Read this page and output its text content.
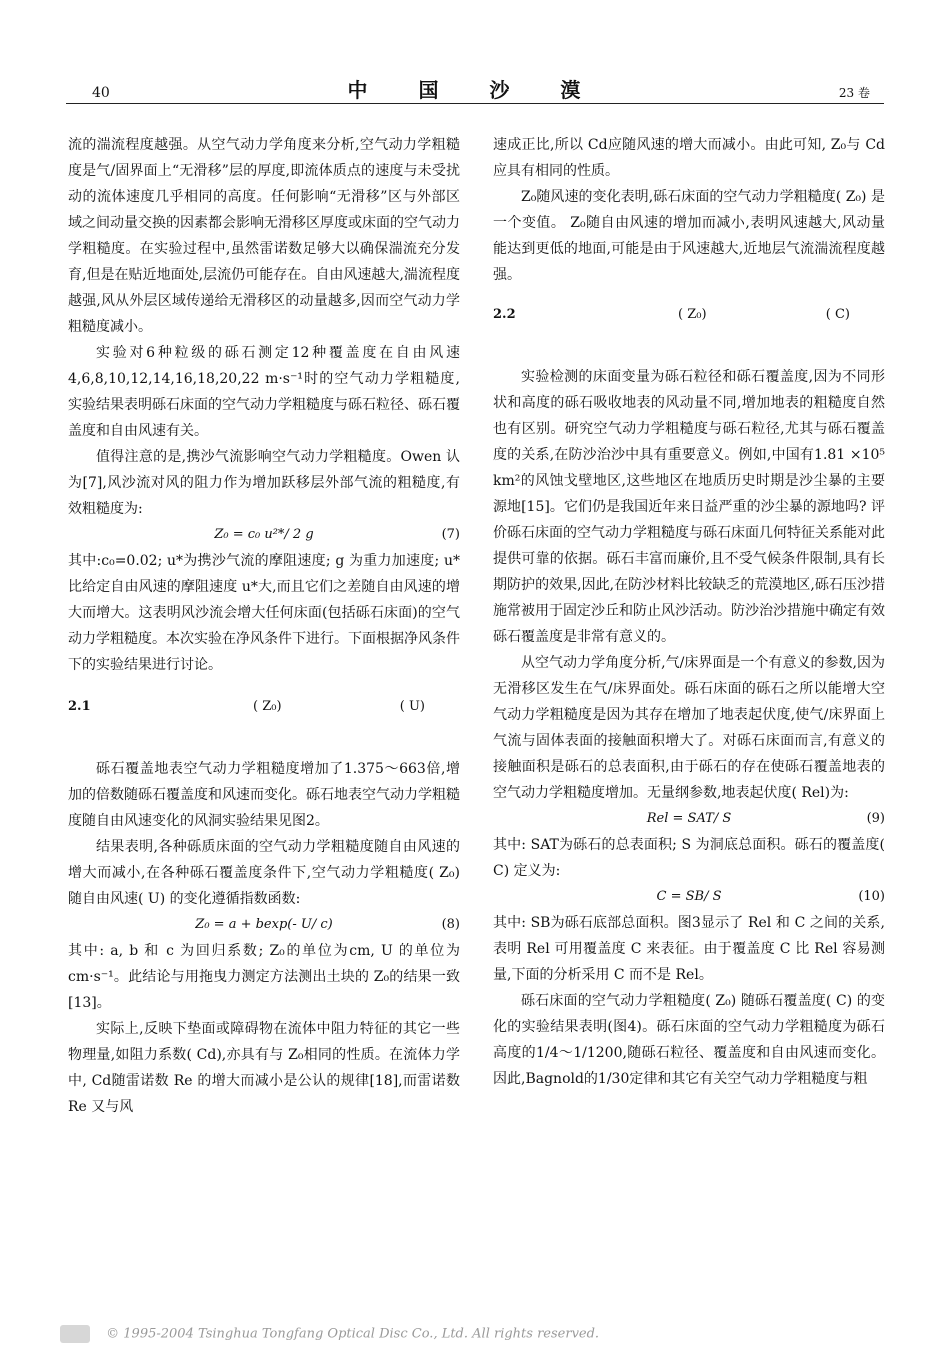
40	中 国 沙 漠	23 卷

流的湍流程度越强。从空气动力学角度来分析,空气动力学粗糙度是气/固界面上“无滑移”层的厚度,即流体质点的速度与未受扰动的流体速度几乎相同的高度。任何影响“无滑移”区与外部区域之间动量交换的因素都会影响无滑移区厚度或床面的空气动力学粗糙度。在实验过程中,虽然雷诺数足够大以确保湍流充分发育,但是在贴近地面处,层流仍可能存在。自由风速越大,湍流程度越强,风从外层区域传递给无滑移区的动量越多,因而空气动力学粗糙度减小。

实验对6种粒级的砾石测定12种覆盖度在自由风速4,6,8,10,12,14,16,18,20,22 m·s⁻¹时的空气动力学粗糙度,实验结果表明砾石床面的空气动力学粗糙度与砾石粒径、砾石覆盖度和自由风速有关。

值得注意的是,携沙气流影响空气动力学粗糙度。Owen 认为[7],风沙流对风的阻力作为增加跃移层外部气流的粗糙度,有效粗糙度为:

Z₀ = c₀ u²*/ 2 g	(7)

其中:c₀=0.02; u*为携沙气流的摩阻速度; g 为重力加速度; u*比给定自由风速的摩阻速度 u*大,而且它们之差随自由风速的增大而增大。这表明风沙流会增大任何床面(包括砾石床面)的空气动力学粗糙度。本次实验在净风条件下进行。下面根据净风条件下的实验结果进行讨论。

2.1	( Z₀)	( U)

砾石覆盖地表空气动力学粗糙度增加了1.375～663倍,增加的倍数随砾石覆盖度和风速而变化。砾石地表空气动力学粗糙度随自由风速变化的风洞实验结果见图2。

结果表明,各种砾质床面的空气动力学粗糙度随自由风速的增大而减小,在各种砾石覆盖度条件下,空气动力学粗糙度( Z₀) 随自由风速( U) 的变化遵循指数函数:

Z₀ = a + bexp(- U/ c)	(8)

其中: a, b 和 c 为回归系数; Z₀的单位为cm, U 的单位为cm·s⁻¹。此结论与用拖曳力测定方法测出土块的 Z₀的结果一致[13]。

实际上,反映下垫面或障碍物在流体中阻力特征的其它一些物理量,如阻力系数( Cd),亦具有与 Z₀相同的性质。在流体力学中, Cd随雷诺数 Re 的增大而减小是公认的规律[18],而雷诺数 Re 又与风

速成正比,所以 Cd应随风速的增大而减小。由此可知, Z₀与 Cd应具有相同的性质。

Z₀随风速的变化表明,砾石床面的空气动力学粗糙度( Z₀) 是一个变值。 Z₀随自由风速的增加而减小,表明风速越大,风动量能达到更低的地面,可能是由于风速越大,近地层气流湍流程度越强。

2.2	( Z₀)	( C)

实验检测的床面变量为砾石粒径和砾石覆盖度,因为不同形状和高度的砾石吸收地表的风动量不同,增加地表的粗糙度自然也有区别。研究空气动力学粗糙度与砾石粒径,尤其与砾石覆盖度的关系,在防沙治沙中具有重要意义。例如,中国有1.81 ×10⁵ km²的风蚀戈壁地区,这些地区在地质历史时期是沙尘暴的主要源地[15]。它们仍是我国近年来日益严重的沙尘暴的源地吗? 评价砾石床面的空气动力学粗糙度与砾石床面几何特征关系能对此提供可靠的依据。砾石丰富而廉价,且不受气候条件限制,具有长期防护的效果,因此,在防沙材料比较缺乏的荒漠地区,砾石压沙措施常被用于固定沙丘和防止风沙活动。防沙治沙措施中确定有效砾石覆盖度是非常有意义的。

从空气动力学角度分析,气/床界面是一个有意义的参数,因为无滑移区发生在气/床界面处。砾石床面的砾石之所以能增大空气动力学粗糙度是因为其存在增加了地表起伏度,使气/床界面上气流与固体表面的接触面积增大了。对砾石床面而言,有意义的接触面积是砾石的总表面积,由于砾石的存在使砾石覆盖地表的空气动力学粗糙度增加。无量纲参数,地表起伏度( Rel)为:

Rel = SAT/ S	(9)

其中: SAT为砾石的总表面积; S 为洞底总面积。砾石的覆盖度( C) 定义为:

C = SB/ S	(10)

其中: SB为砾石底部总面积。图3显示了 Rel 和 C 之间的关系,表明 Rel 可用覆盖度 C 来表征。由于覆盖度 C 比 Rel 容易测量,下面的分析采用 C 而不是 Rel。

砾石床面的空气动力学粗糙度( Z₀) 随砾石覆盖度( C) 的变化的实验结果表明(图4)。砾石床面的空气动力学粗糙度为砾石高度的1/4～1/1200,随砾石粒径、覆盖度和自由风速而变化。因此,Bagnold的1/30定律和其它有关空气动力学粗糙度与粗

© 1995-2004 Tsinghua Tongfang Optical Disc Co., Ltd. All rights reserved.
